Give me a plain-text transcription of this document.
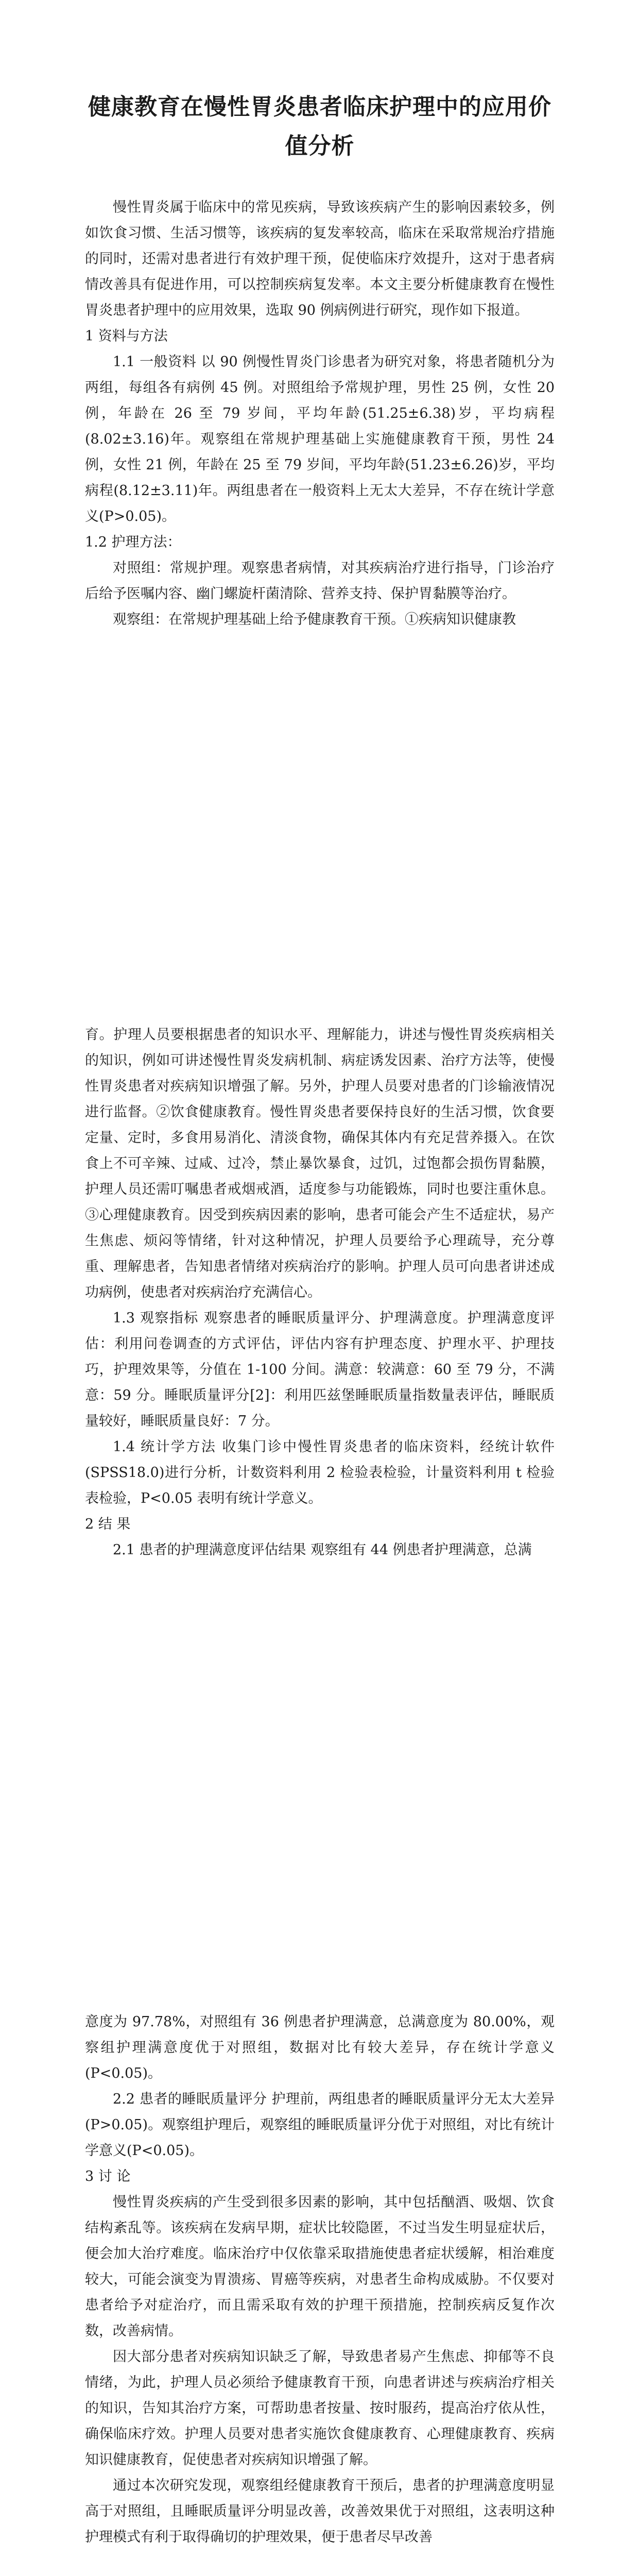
健康教育在慢性胃炎患者临床护理中的应用价值分析

慢性胃炎属于临床中的常见疾病，导致该疾病产生的影响因素较多，例如饮食习惯、生活习惯等，该疾病的复发率较高，临床在采取常规治疗措施的同时，还需对患者进行有效护理干预，促使临床疗效提升，这对于患者病情改善具有促进作用，可以控制疾病复发率。本文主要分析健康教育在慢性胃炎患者护理中的应用效果，选取 90 例病例进行研究，现作如下报道。

1 资料与方法

1.1 一般资料 以 90 例慢性胃炎门诊患者为研究对象，将患者随机分为两组，每组各有病例 45 例。对照组给予常规护理，男性 25 例，女性 20 例，年龄在 26 至 79 岁间，平均年龄(51.25±6.38)岁，平均病程(8.02±3.16)年。观察组在常规护理基础上实施健康教育干预，男性 24 例，女性 21 例，年龄在 25 至 79 岁间，平均年龄(51.23±6.26)岁，平均病程(8.12±3.11)年。两组患者在一般资料上无太大差异，不存在统计学意义(P>0.05)。

1.2 护理方法：

对照组：常规护理。观察患者病情，对其疾病治疗进行指导，门诊治疗后给予医嘱内容、幽门螺旋杆菌清除、营养支持、保护胃黏膜等治疗。

观察组：在常规护理基础上给予健康教育干预。①疾病知识健康教

育。护理人员要根据患者的知识水平、理解能力，讲述与慢性胃炎疾病相关的知识，例如可讲述慢性胃炎发病机制、病症诱发因素、治疗方法等，使慢性胃炎患者对疾病知识增强了解。另外，护理人员要对患者的门诊输液情况进行监督。②饮食健康教育。慢性胃炎患者要保持良好的生活习惯，饮食要定量、定时，多食用易消化、清淡食物，确保其体内有充足营养摄入。在饮食上不可辛辣、过咸、过冷，禁止暴饮暴食，过饥，过饱都会损伤胃黏膜，护理人员还需叮嘱患者戒烟戒酒，适度参与功能锻炼，同时也要注重休息。③心理健康教育。因受到疾病因素的影响，患者可能会产生不适症状，易产生焦虑、烦闷等情绪，针对这种情况，护理人员要给予心理疏导，充分尊重、理解患者，告知患者情绪对疾病治疗的影响。护理人员可向患者讲述成功病例，使患者对疾病治疗充满信心。

1.3 观察指标 观察患者的睡眠质量评分、护理满意度。护理满意度评估：利用问卷调查的方式评估，评估内容有护理态度、护理水平、护理技巧，护理效果等，分值在 1-100 分间。满意：较满意：60 至 79 分，不满意：59 分。睡眠质量评分[2]：利用匹兹堡睡眠质量指数量表评估，睡眠质量较好，睡眠质量良好：7 分。

1.4 统计学方法 收集门诊中慢性胃炎患者的临床资料，经统计软件(SPSS18.0)进行分析，计数资料利用 2 检验表检验，计量资料利用 t 检验表检验，P<0.05 表明有统计学意义。

2 结 果

2.1 患者的护理满意度评估结果 观察组有 44 例患者护理满意，总满

意度为 97.78%，对照组有 36 例患者护理满意，总满意度为 80.00%，观察组护理满意度优于对照组，数据对比有较大差异，存在统计学意义(P<0.05)。

2.2 患者的睡眠质量评分 护理前，两组患者的睡眠质量评分无太大差异(P>0.05)。观察组护理后，观察组的睡眠质量评分优于对照组，对比有统计学意义(P<0.05)。

3 讨 论

慢性胃炎疾病的产生受到很多因素的影响，其中包括酗酒、吸烟、饮食结构紊乱等。该疾病在发病早期，症状比较隐匿，不过当发生明显症状后，便会加大治疗难度。临床治疗中仅依靠采取措施使患者症状缓解，相治难度较大，可能会演变为胃溃疡、胃癌等疾病，对患者生命构成威胁。不仅要对患者给予对症治疗，而且需采取有效的护理干预措施，控制疾病反复作次数，改善病情。

因大部分患者对疾病知识缺乏了解，导致患者易产生焦虑、抑郁等不良情绪，为此，护理人员必须给予健康教育干预，向患者讲述与疾病治疗相关的知识，告知其治疗方案，可帮助患者按量、按时服药，提高治疗依从性，确保临床疗效。护理人员要对患者实施饮食健康教育、心理健康教育、疾病知识健康教育，促使患者对疾病知识增强了解。

通过本次研究发现，观察组经健康教育干预后，患者的护理满意度明显高于对照组，且睡眠质量评分明显改善，改善效果优于对照组，这表明这种护理模式有利于取得确切的护理效果，便于患者尽早改善
